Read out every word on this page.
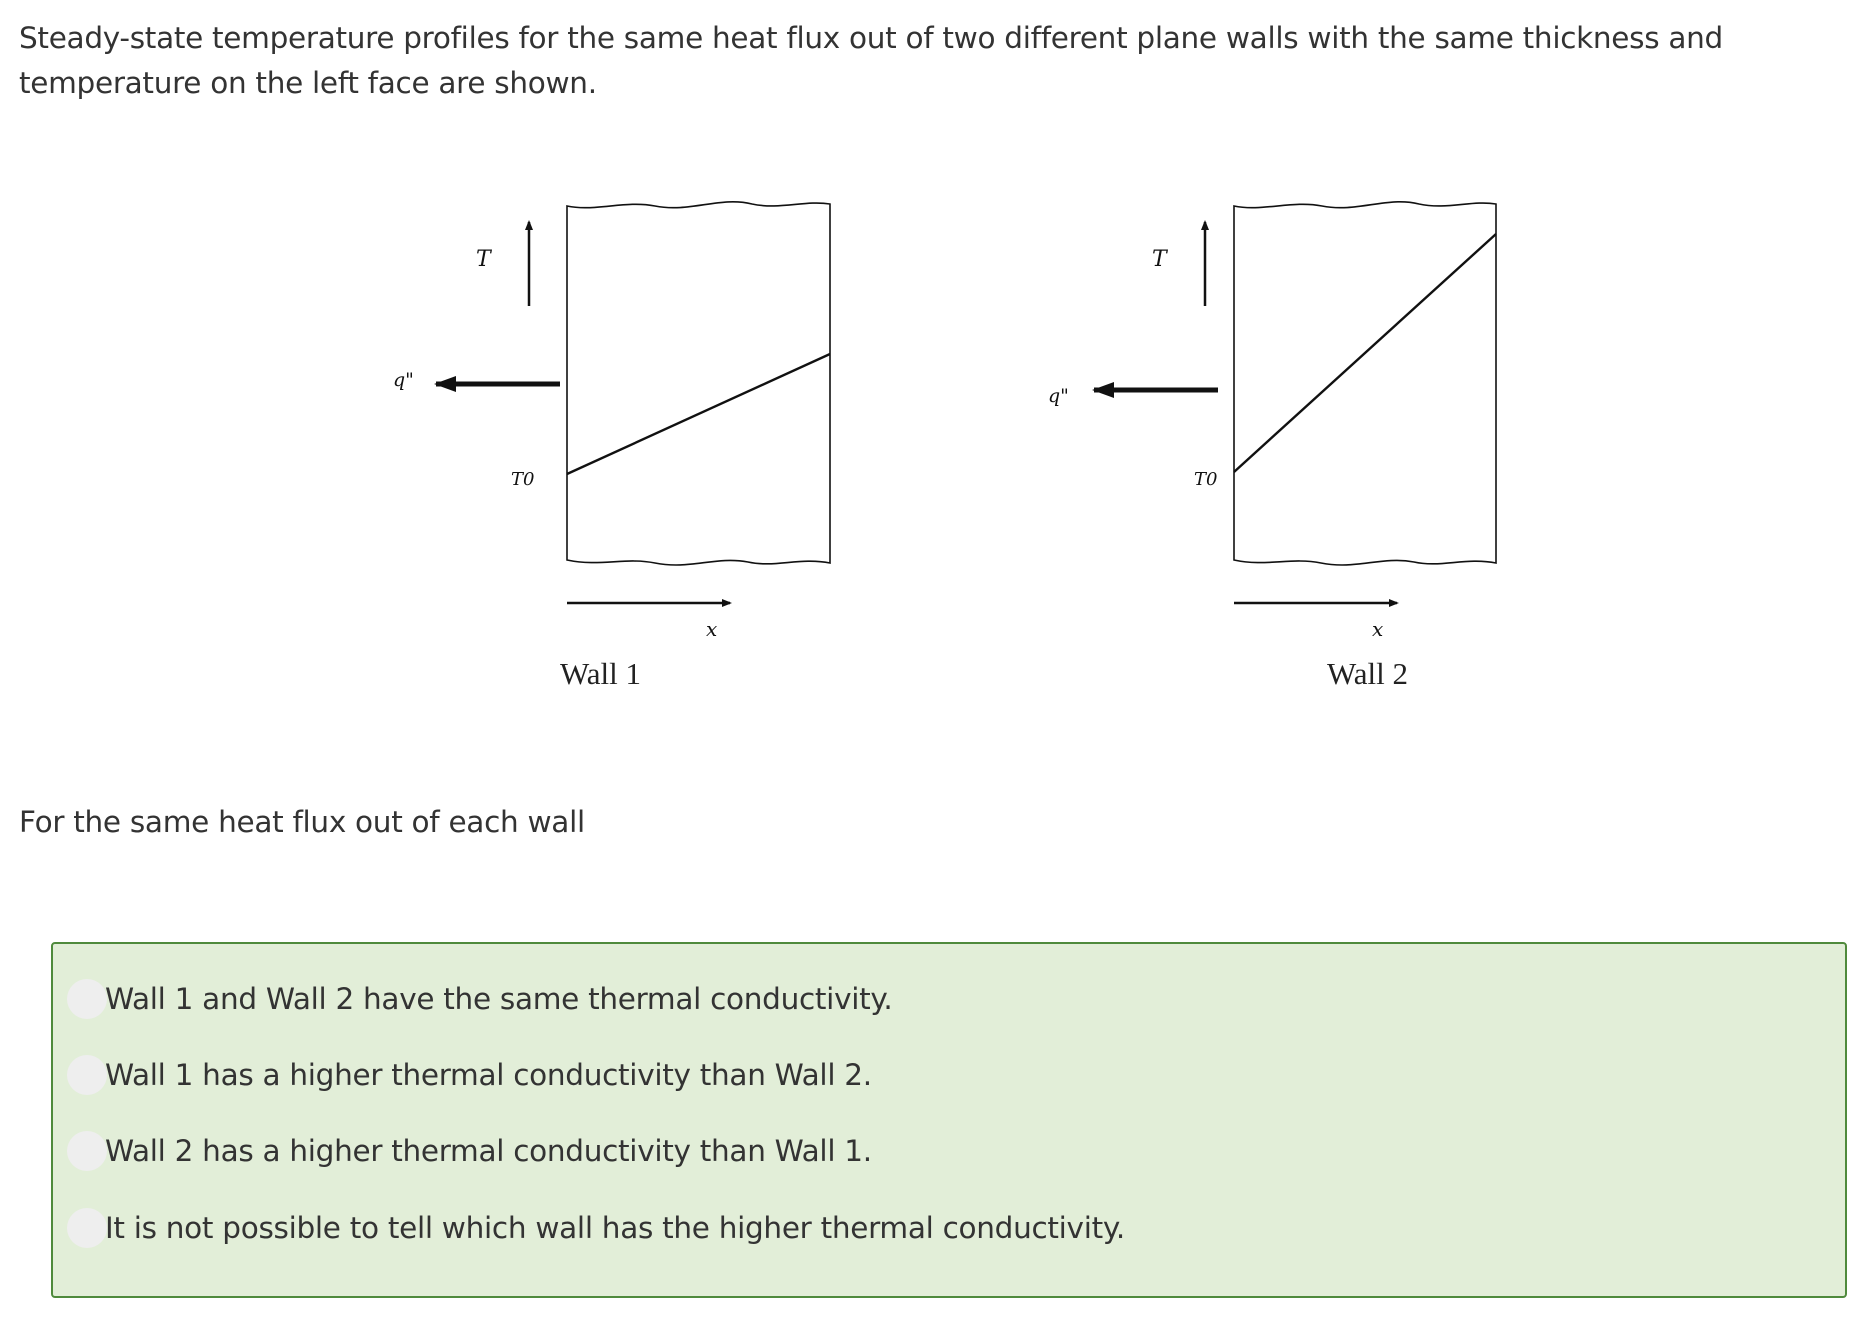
Steady-state temperature profiles for the same heat flux out of two different plane walls with the same thickness and temperature on the left face are shown.
T
q"
T0
x
Wall 1
T
q"
T0
x
Wall 2
For the same heat flux out of each wall
Wall 1 and Wall 2 have the same thermal conductivity.
Wall 1 has a higher thermal conductivity than Wall 2.
Wall 2 has a higher thermal conductivity than Wall 1.
It is not possible to tell which wall has the higher thermal conductivity.
